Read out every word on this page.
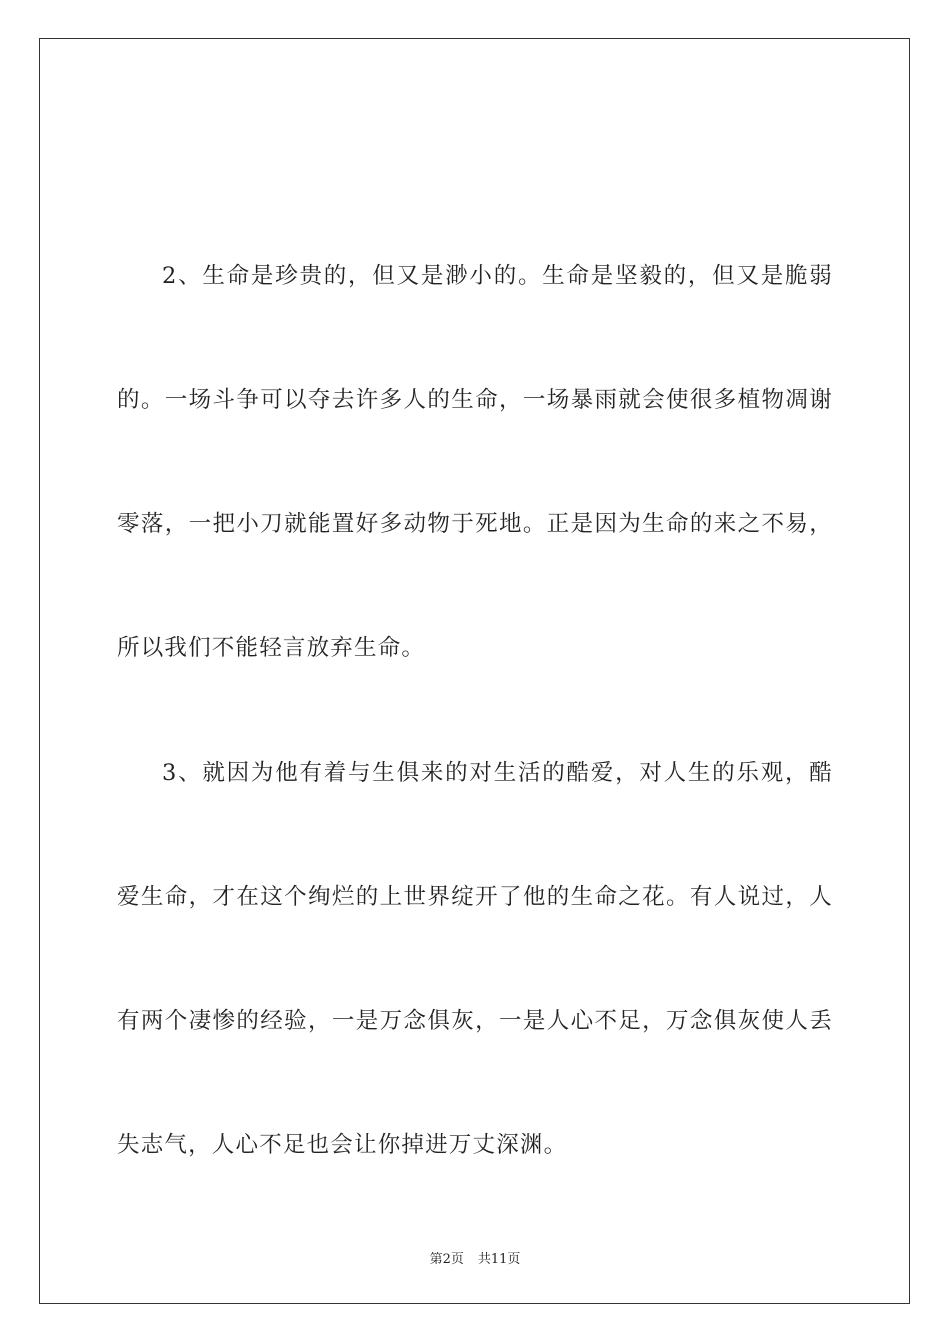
2、生命是珍贵的，但又是渺小的。生命是坚毅的，但又是脆弱
的。一场斗争可以夺去许多人的生命，一场暴雨就会使很多植物凋谢
零落，一把小刀就能置好多动物于死地。正是因为生命的来之不易，
所以我们不能轻言放弃生命。
3、就因为他有着与生俱来的对生活的酷爱，对人生的乐观，酷
爱生命，才在这个绚烂的上世界绽开了他的生命之花。有人说过，人
有两个凄惨的经验，一是万念俱灰，一是人心不足，万念俱灰使人丢
失志气，人心不足也会让你掉进万丈深渊。
第2页 共11页
